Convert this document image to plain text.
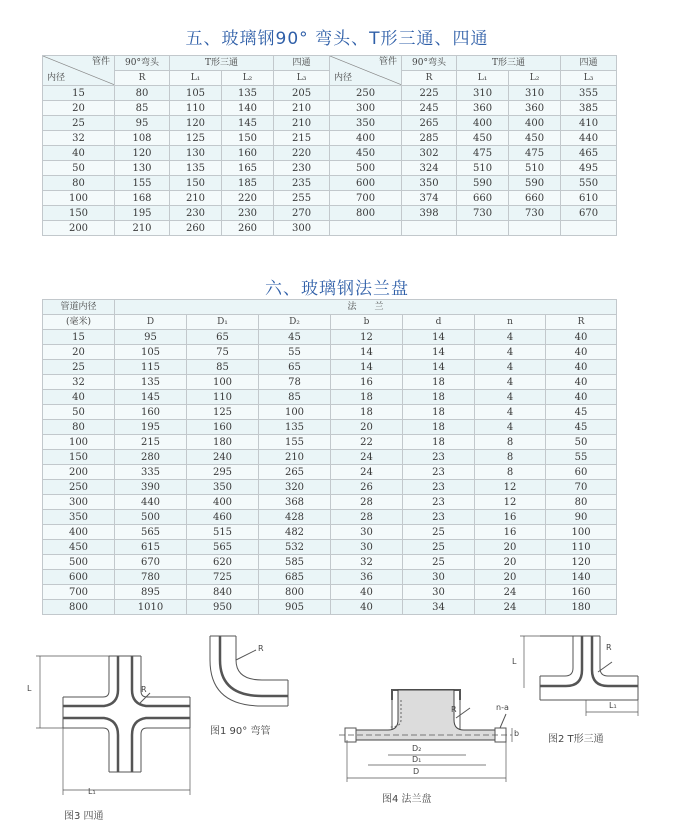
五、玻璃钢90° 弯头、T形三通、四通
管件
内径	90°弯头	T形三通		四通	管件
内径	90°弯头	T形三通		四通
	R	L₁	L₂	L₃		R	L₁	L₂	L₃
15	80	105	135	205	250	225	310	310	355
20	85	110	140	210	300	245	360	360	385
25	95	120	145	210	350	265	400	400	410
32	108	125	150	215	400	285	450	450	440
40	120	130	160	220	450	302	475	475	465
50	130	135	165	230	500	324	510	510	495
80	155	150	185	235	600	350	590	590	550
100	168	210	220	255	700	374	660	660	610
150	195	230	230	270	800	398	730	730	670
200	210	260	260	300					
六、玻璃钢法兰盘
管道内径	法　　兰						
(毫米)	D	D₁	D₂	b	d	n	R
15	95	65	45	12	14	4	40
20	105	75	55	14	14	4	40
25	115	85	65	14	14	4	40
32	135	100	78	16	18	4	40
40	145	110	85	18	18	4	40
50	160	125	100	18	18	4	45
80	195	160	135	20	18	4	45
100	215	180	155	22	18	8	50
150	280	240	210	24	23	8	55
200	335	295	265	24	23	8	60
250	390	350	320	26	23	12	70
300	440	400	368	28	23	12	80
350	500	460	428	28	23	16	90
400	565	515	482	30	25	16	100
450	615	565	532	30	25	20	110
500	670	620	585	32	25	20	120
600	780	725	685	36	30	20	140
700	895	840	800	40	30	24	160
800	1010	950	905	40	34	24	180
R
L
L₁
图3 四通
R
图1 90° 弯管
R	n-a
b
D₂
D₁
D
图4 法兰盘
R
L
L₁
图2 T形三通
